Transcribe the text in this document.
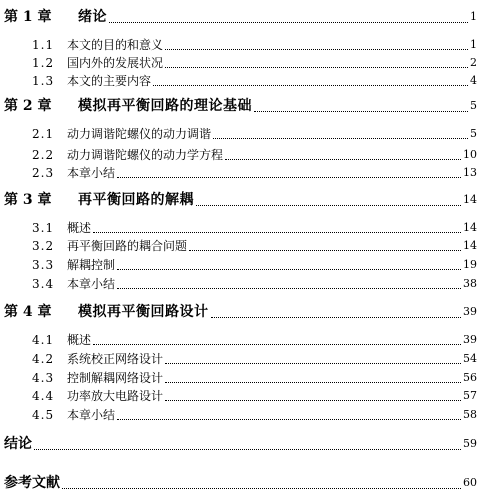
第 1 章 绪论	1
1.1 本文的目的和意义	1
1.2 国内外的发展状况	2
1.3 本文的主要内容	4
第 2 章 模拟再平衡回路的理论基础	5
2.1 动力调谐陀螺仪的动力调谐	5
2.2 动力调谐陀螺仪的动力学方程	10
2.3 本章小结	13
第 3 章 再平衡回路的解耦	14
3.1 概述	14
3.2 再平衡回路的耦合问题	14
3.3 解耦控制	19
3.4 本章小结	38
第 4 章 模拟再平衡回路设计	39
4.1 概述	39
4.2 系统校正网络设计	54
4.3 控制解耦网络设计	56
4.4 功率放大电路设计	57
4.5 本章小结	58
结论	59
参考文献	60
